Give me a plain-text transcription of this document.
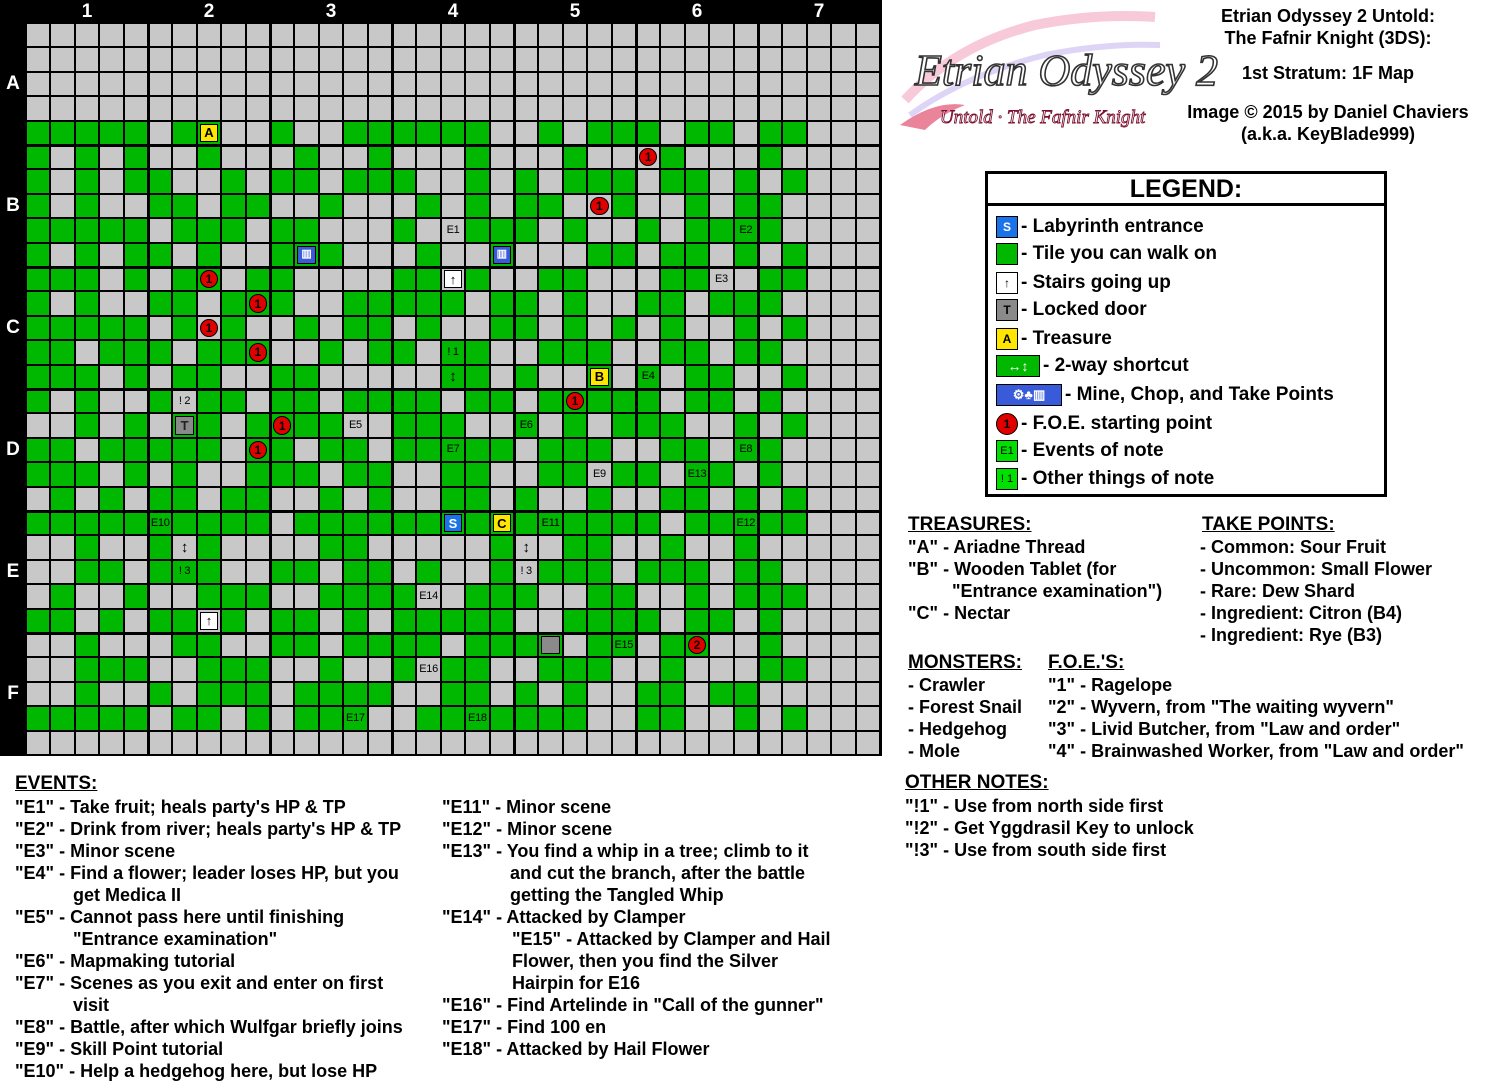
1	2	3	4	5	6	7
A
B
C
D
E
F
A
B
C
S
T
▥	▥
↑
↑
↕
↕	↕
1
1
1
1
1
1
1
1
1
2
E1	E2
E3
E4
E5	E6
E7	E8
E9
E10	E11	E12
E13
E14
E15
E16
E17	E18
! 1
! 2
! 3	! 3
Etrian Odyssey 2
Untold · The Fafnir Knight
Etrian Odyssey 2 Untold:
The Fafnir Knight (3DS):
1st Stratum: 1F Map
Image © 2015 by Daniel Chaviers
(a.k.a. KeyBlade999)
LEGEND:
S - Labyrinth entrance
- Tile you can walk on
↑ - Stairs going up
T - Locked door
A - Treasure
↔↕ - 2-way shortcut
⚙♣▥	- Mine, Chop, and Take Points
1 - F.O.E. starting point
E1 - Events of note
! 1 - Other things of note
TREASURES:
"A" - Ariadne Thread
"B" - Wooden Tablet (for
"Entrance examination")
"C" - Nectar
TAKE POINTS:
- Common: Sour Fruit
- Uncommon: Small Flower
- Rare: Dew Shard
- Ingredient: Citron (B4)
- Ingredient: Rye (B3)
MONSTERS:
- Crawler
- Forest Snail
- Hedgehog
- Mole
F.O.E.'S:
"1" - Ragelope
"2" - Wyvern, from "The waiting wyvern"
"3" - Livid Butcher, from "Law and order"
"4" - Brainwashed Worker, from "Law and order"
OTHER NOTES:
"!1" - Use from north side first
"!2" - Get Yggdrasil Key to unlock
"!3" - Use from south side first
EVENTS:
"E1" - Take fruit; heals party's HP & TP
"E2" - Drink from river; heals party's HP & TP
"E3" - Minor scene
"E4" - Find a flower; leader loses HP, but you
get Medica II
"E5" - Cannot pass here until finishing
"Entrance examination"
"E6" - Mapmaking tutorial
"E7" - Scenes as you exit and enter on first
visit
"E8" - Battle, after which Wulfgar briefly joins
"E9" - Skill Point tutorial
"E10" - Help a hedgehog here, but lose HP
"E11" - Minor scene
"E12" - Minor scene
"E13" - You find a whip in a tree; climb to it
and cut the branch, after the battle
getting the Tangled Whip
"E14" - Attacked by Clamper
"E15" - Attacked by Clamper and Hail
Flower, then you find the Silver
Hairpin for E16
"E16" - Find Artelinde in "Call of the gunner"
"E17" - Find 100 en
"E18" - Attacked by Hail Flower
